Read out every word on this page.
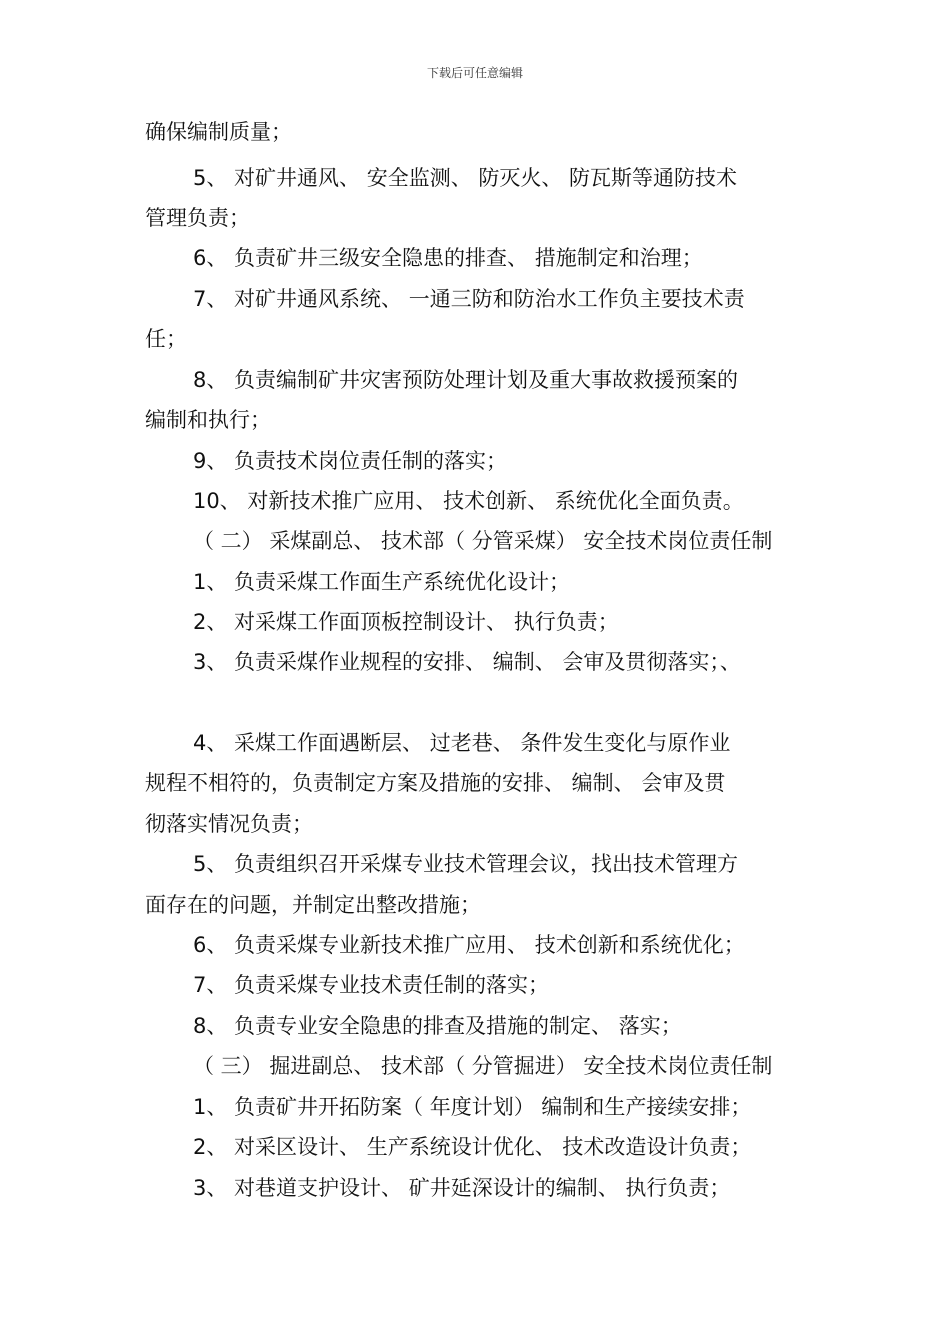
下载后可任意编辑
确保编制质量；
5、 对矿井通风、 安全监测、 防灭火、 防瓦斯等通防技术
管理负责；
6、 负责矿井三级安全隐患的排查、 措施制定和治理；
7、 对矿井通风系统、 一通三防和防治水工作负主要技术责
任；
8、 负责编制矿井灾害预防处理计划及重大事故救援预案的
编制和执行；
9、 负责技术岗位责任制的落实；
10、 对新技术推广应用、 技术创新、 系统优化全面负责。
（ 二） 采煤副总、 技术部（ 分管采煤） 安全技术岗位责任制
1、 负责采煤工作面生产系统优化设计；
2、 对采煤工作面顶板控制设计、 执行负责；
3、 负责采煤作业规程的安排、 编制、 会审及贯彻落实；、
4、 采煤工作面遇断层、 过老巷、 条件发生变化与原作业
规程不相符的，负责制定方案及措施的安排、 编制、 会审及贯
彻落实情况负责；
5、 负责组织召开采煤专业技术管理会议，找出技术管理方
面存在的问题，并制定出整改措施；
6、 负责采煤专业新技术推广应用、 技术创新和系统优化；
7、 负责采煤专业技术责任制的落实；
8、 负责专业安全隐患的排查及措施的制定、 落实；
（ 三） 掘进副总、 技术部（ 分管掘进） 安全技术岗位责任制
1、 负责矿井开拓防案（ 年度计划） 编制和生产接续安排；
2、 对采区设计、 生产系统设计优化、 技术改造设计负责；
3、 对巷道支护设计、 矿井延深设计的编制、 执行负责；
